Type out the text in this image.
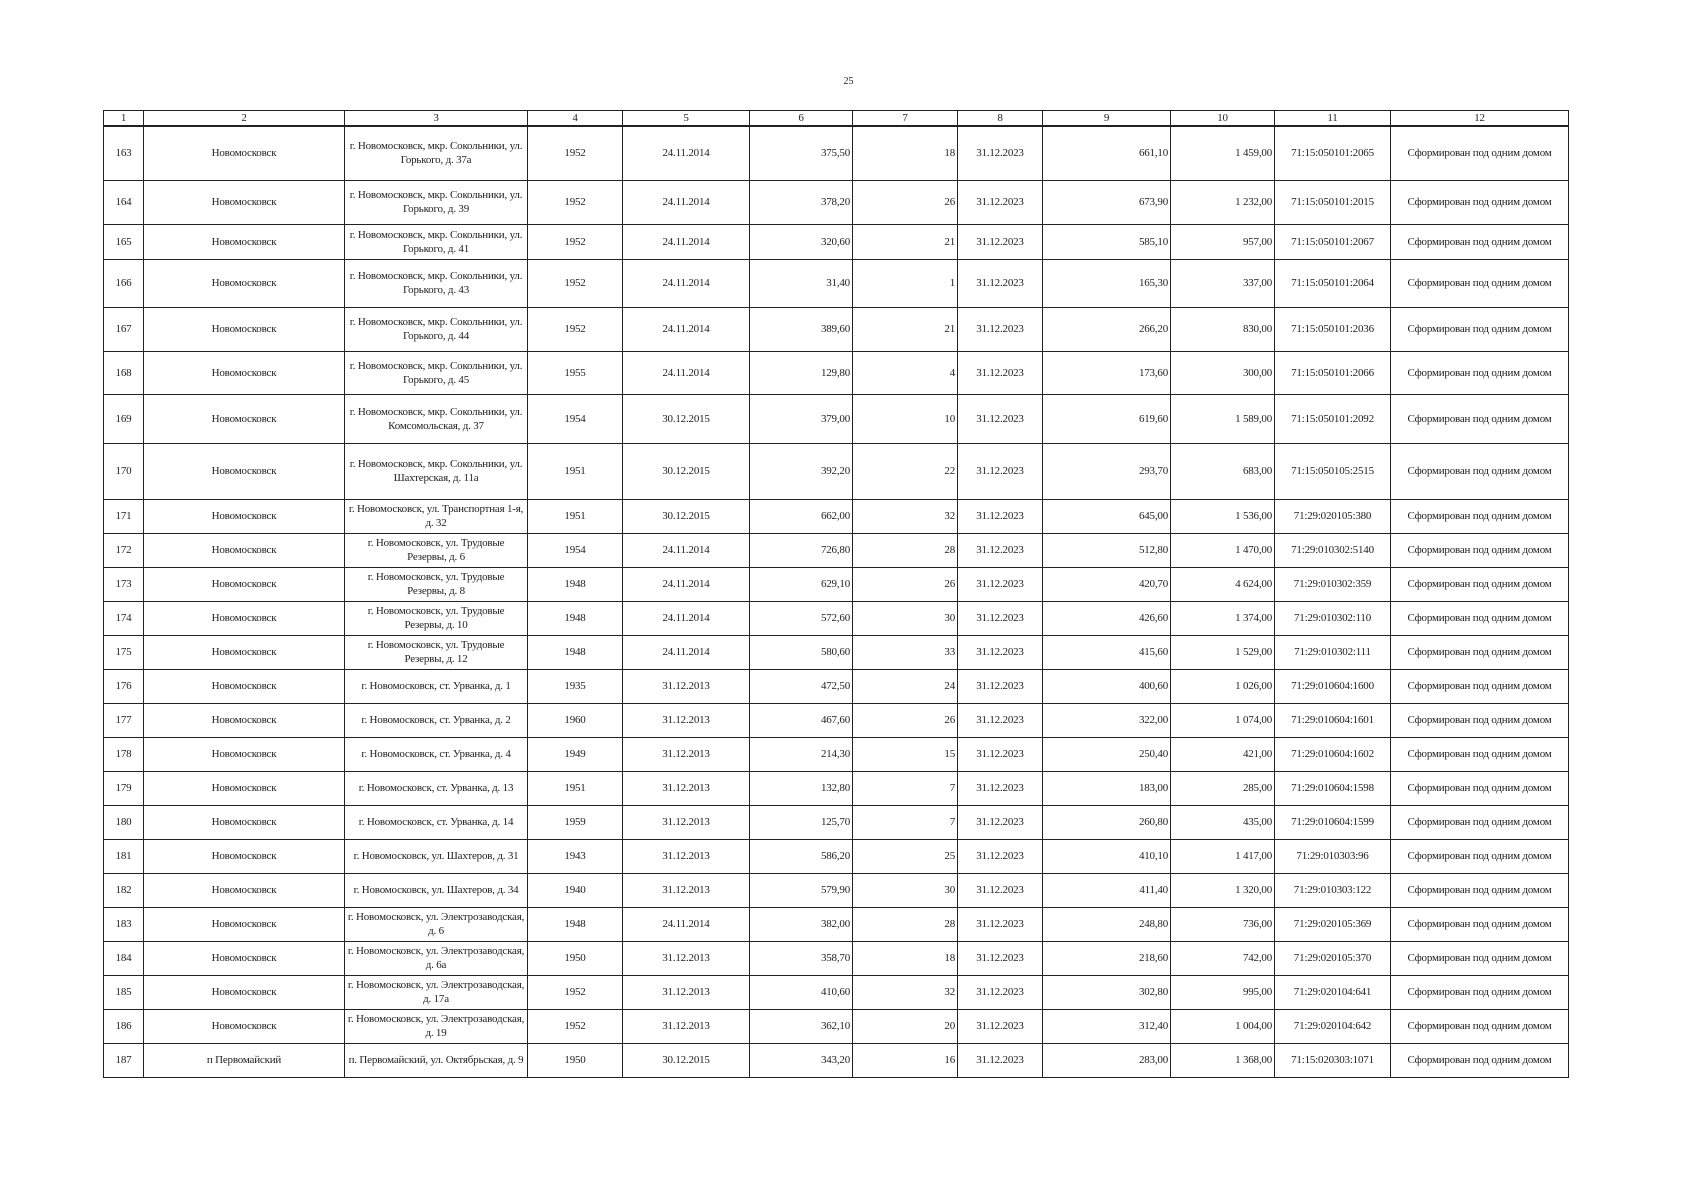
25
1	2	3	4	5	6	7	8	9	10	11	12
163	Новомосковск	г. Новомосковск, мкр. Сокольники, ул. Горького, д. 37а	1952	24.11.2014	375,50	18	31.12.2023	661,10	1 459,00	71:15:050101:2065	Сформирован под одним домом
164	Новомосковск	г. Новомосковск, мкр. Сокольники, ул. Горького, д. 39	1952	24.11.2014	378,20	26	31.12.2023	673,90	1 232,00	71:15:050101:2015	Сформирован под одним домом
165	Новомосковск	г. Новомосковск, мкр. Сокольники, ул. Горького, д. 41	1952	24.11.2014	320,60	21	31.12.2023	585,10	957,00	71:15:050101:2067	Сформирован под одним домом
166	Новомосковск	г. Новомосковск, мкр. Сокольники, ул. Горького, д. 43	1952	24.11.2014	31,40	1	31.12.2023	165,30	337,00	71:15:050101:2064	Сформирован под одним домом
167	Новомосковск	г. Новомосковск, мкр. Сокольники, ул. Горького, д. 44	1952	24.11.2014	389,60	21	31.12.2023	266,20	830,00	71:15:050101:2036	Сформирован под одним домом
168	Новомосковск	г. Новомосковск, мкр. Сокольники, ул. Горького, д. 45	1955	24.11.2014	129,80	4	31.12.2023	173,60	300,00	71:15:050101:2066	Сформирован под одним домом
169	Новомосковск	г. Новомосковск, мкр. Сокольники, ул. Комсомольская, д. 37	1954	30.12.2015	379,00	10	31.12.2023	619,60	1 589,00	71:15:050101:2092	Сформирован под одним домом
170	Новомосковск	г. Новомосковск, мкр. Сокольники, ул. Шахтерская, д. 11а	1951	30.12.2015	392,20	22	31.12.2023	293,70	683,00	71:15:050105:2515	Сформирован под одним домом
171	Новомосковск	г. Новомосковск, ул. Транспортная 1-я, д. 32	1951	30.12.2015	662,00	32	31.12.2023	645,00	1 536,00	71:29:020105:380	Сформирован под одним домом
172	Новомосковск	г. Новомосковск, ул. Трудовые Резервы, д. 6	1954	24.11.2014	726,80	28	31.12.2023	512,80	1 470,00	71:29:010302:5140	Сформирован под одним домом
173	Новомосковск	г. Новомосковск, ул. Трудовые Резервы, д. 8	1948	24.11.2014	629,10	26	31.12.2023	420,70	4 624,00	71:29:010302:359	Сформирован под одним домом
174	Новомосковск	г. Новомосковск, ул. Трудовые Резервы, д. 10	1948	24.11.2014	572,60	30	31.12.2023	426,60	1 374,00	71:29:010302:110	Сформирован под одним домом
175	Новомосковск	г. Новомосковск, ул. Трудовые Резервы, д. 12	1948	24.11.2014	580,60	33	31.12.2023	415,60	1 529,00	71:29:010302:111	Сформирован под одним домом
176	Новомосковск	г. Новомосковск, ст. Урванка, д. 1	1935	31.12.2013	472,50	24	31.12.2023	400,60	1 026,00	71:29:010604:1600	Сформирован под одним домом
177	Новомосковск	г. Новомосковск, ст. Урванка, д. 2	1960	31.12.2013	467,60	26	31.12.2023	322,00	1 074,00	71:29:010604:1601	Сформирован под одним домом
178	Новомосковск	г. Новомосковск, ст. Урванка, д. 4	1949	31.12.2013	214,30	15	31.12.2023	250,40	421,00	71:29:010604:1602	Сформирован под одним домом
179	Новомосковск	г. Новомосковск, ст. Урванка, д. 13	1951	31.12.2013	132,80	7	31.12.2023	183,00	285,00	71:29:010604:1598	Сформирован под одним домом
180	Новомосковск	г. Новомосковск, ст. Урванка, д. 14	1959	31.12.2013	125,70	7	31.12.2023	260,80	435,00	71:29:010604:1599	Сформирован под одним домом
181	Новомосковск	г. Новомосковск, ул. Шахтеров, д. 31	1943	31.12.2013	586,20	25	31.12.2023	410,10	1 417,00	71:29:010303:96	Сформирован под одним домом
182	Новомосковск	г. Новомосковск, ул. Шахтеров, д. 34	1940	31.12.2013	579,90	30	31.12.2023	411,40	1 320,00	71:29:010303:122	Сформирован под одним домом
183	Новомосковск	г. Новомосковск, ул. Электрозаводская, д. 6	1948	24.11.2014	382,00	28	31.12.2023	248,80	736,00	71:29:020105:369	Сформирован под одним домом
184	Новомосковск	г. Новомосковск, ул. Электрозаводская, д. 6а	1950	31.12.2013	358,70	18	31.12.2023	218,60	742,00	71:29:020105:370	Сформирован под одним домом
185	Новомосковск	г. Новомосковск, ул. Электрозаводская, д. 17а	1952	31.12.2013	410,60	32	31.12.2023	302,80	995,00	71:29:020104:641	Сформирован под одним домом
186	Новомосковск	г. Новомосковск, ул. Электрозаводская, д. 19	1952	31.12.2013	362,10	20	31.12.2023	312,40	1 004,00	71:29:020104:642	Сформирован под одним домом
187	п Первомайский	п. Первомайский, ул. Октябрьская, д. 9	1950	30.12.2015	343,20	16	31.12.2023	283,00	1 368,00	71:15:020303:1071	Сформирован под одним домом
